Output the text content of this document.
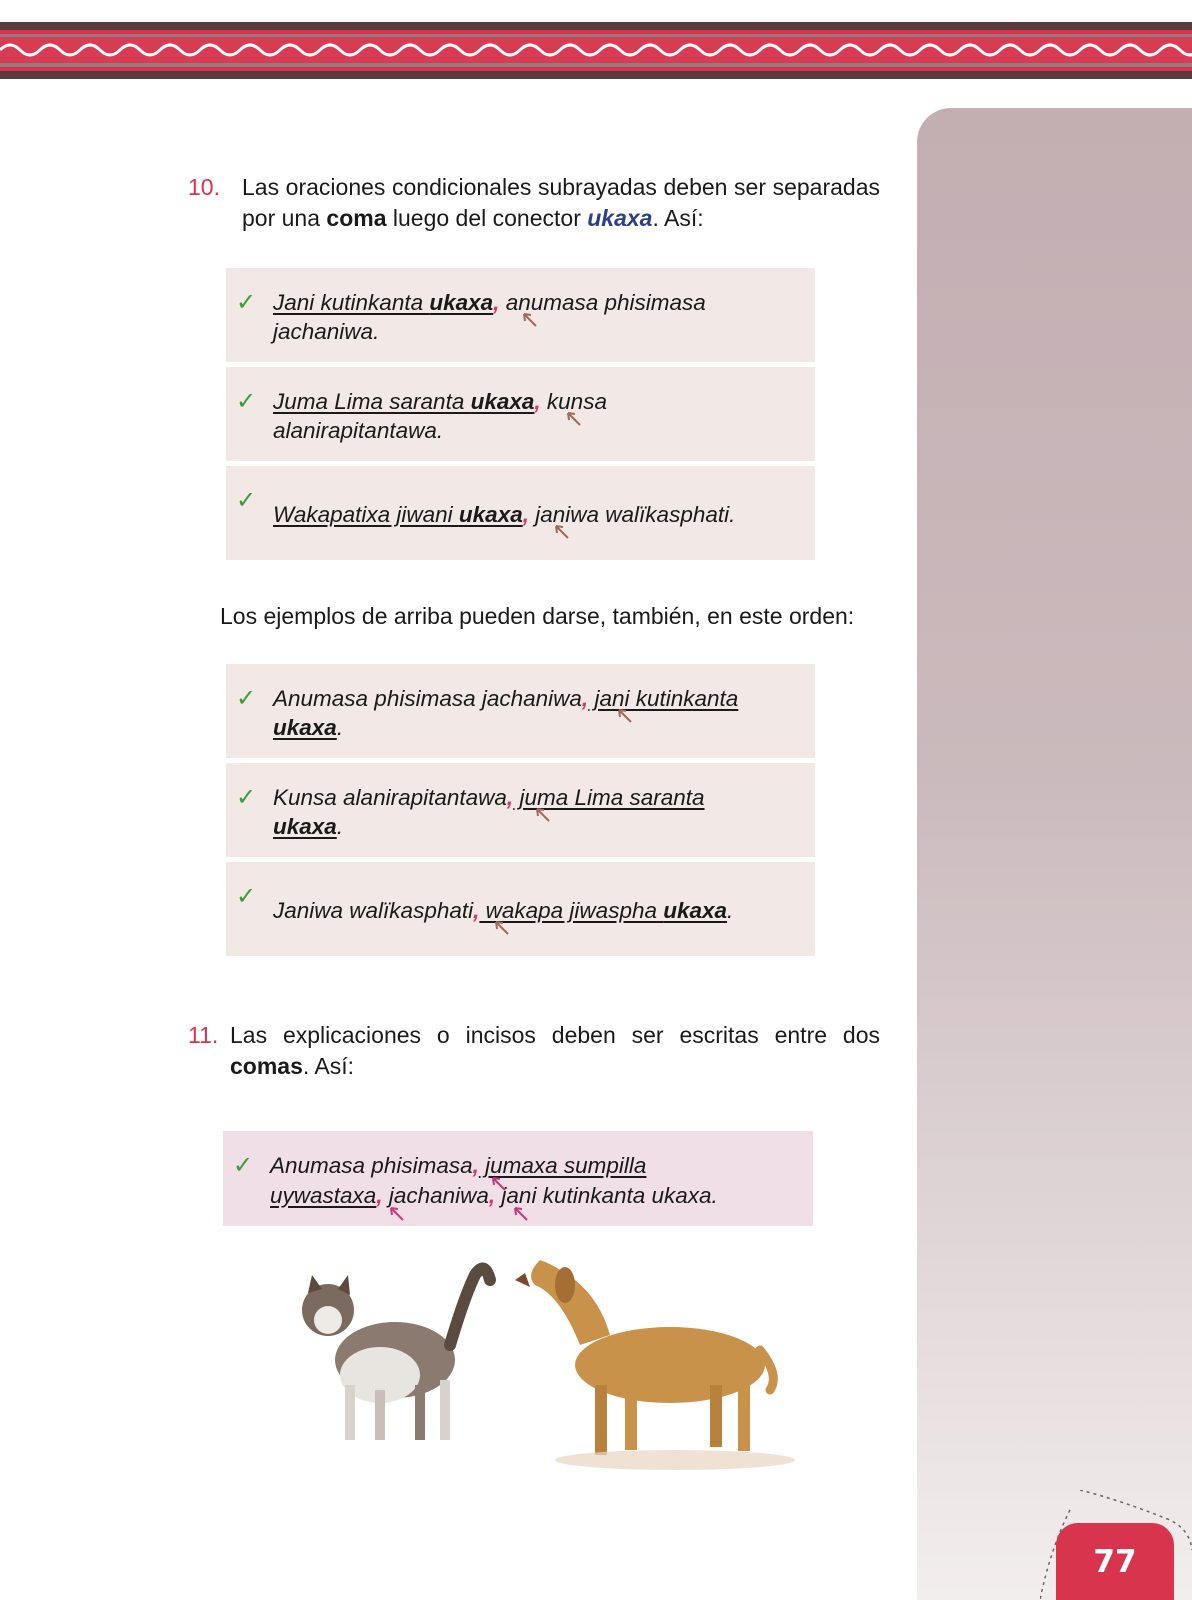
10. Las oraciones condicionales subrayadas deben ser separadas por una coma luego del conector ukaxa. Así:
✓ Jani kutinkanta ukaxa, anumasa phisimasa
jachaniwa.
✓ Juma Lima saranta ukaxa, kunsa
alanirapitantawa.
✓
Wakapatixa jiwani ukaxa, janiwa walïkasphati.
Los ejemplos de arriba pueden darse, también, en este orden:
✓ Anumasa phisimasa jachaniwa, jani kutinkanta
ukaxa.
✓ Kunsa alanirapitantawa, juma Lima saranta
ukaxa.
✓
Janiwa walïkasphati, wakapa jiwaspha ukaxa.
11. Las explicaciones o incisos deben ser escritas entre dos comas. Así:
✓ Anumasa phisimasa, jumaxa sumpilla
uywastaxa, jachaniwa, jani kutinkanta ukaxa.
77
